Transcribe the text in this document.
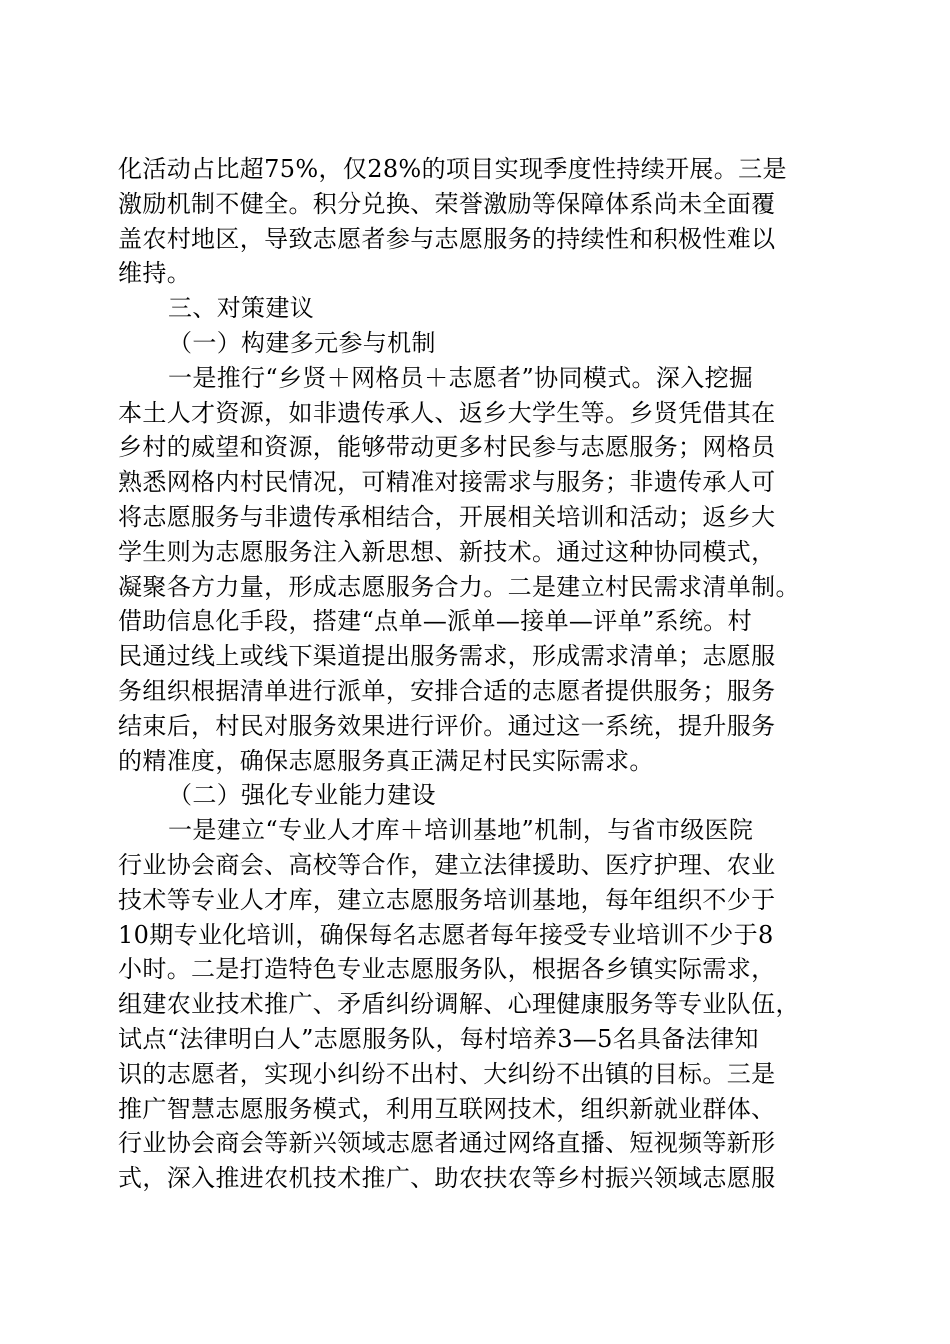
化活动占比超75%，仅28%的项目实现季度性持续开展。三是
激励机制不健全。积分兑换、荣誉激励等保障体系尚未全面覆
盖农村地区，导致志愿者参与志愿服务的持续性和积极性难以
维持。
三、对策建议
（一）构建多元参与机制
一是推行“乡贤＋网格员＋志愿者”协同模式。深入挖掘
本土人才资源，如非遗传承人、返乡大学生等。乡贤凭借其在
乡村的威望和资源，能够带动更多村民参与志愿服务；网格员
熟悉网格内村民情况，可精准对接需求与服务；非遗传承人可
将志愿服务与非遗传承相结合，开展相关培训和活动；返乡大
学生则为志愿服务注入新思想、新技术。通过这种协同模式，
凝聚各方力量，形成志愿服务合力。二是建立村民需求清单制。
借助信息化手段，搭建“点单—派单—接单—评单”系统。村
民通过线上或线下渠道提出服务需求，形成需求清单；志愿服
务组织根据清单进行派单，安排合适的志愿者提供服务；服务
结束后，村民对服务效果进行评价。通过这一系统，提升服务
的精准度，确保志愿服务真正满足村民实际需求。
（二）强化专业能力建设
一是建立“专业人才库＋培训基地”机制，与省市级医院
行业协会商会、高校等合作，建立法律援助、医疗护理、农业
技术等专业人才库，建立志愿服务培训基地，每年组织不少于
10期专业化培训，确保每名志愿者每年接受专业培训不少于8
小时。二是打造特色专业志愿服务队，根据各乡镇实际需求，
组建农业技术推广、矛盾纠纷调解、心理健康服务等专业队伍，
试点“法律明白人”志愿服务队，每村培养3—5名具备法律知
识的志愿者，实现小纠纷不出村、大纠纷不出镇的目标。三是
推广智慧志愿服务模式，利用互联网技术，组织新就业群体、
行业协会商会等新兴领域志愿者通过网络直播、短视频等新形
式，深入推进农机技术推广、助农扶农等乡村振兴领域志愿服
